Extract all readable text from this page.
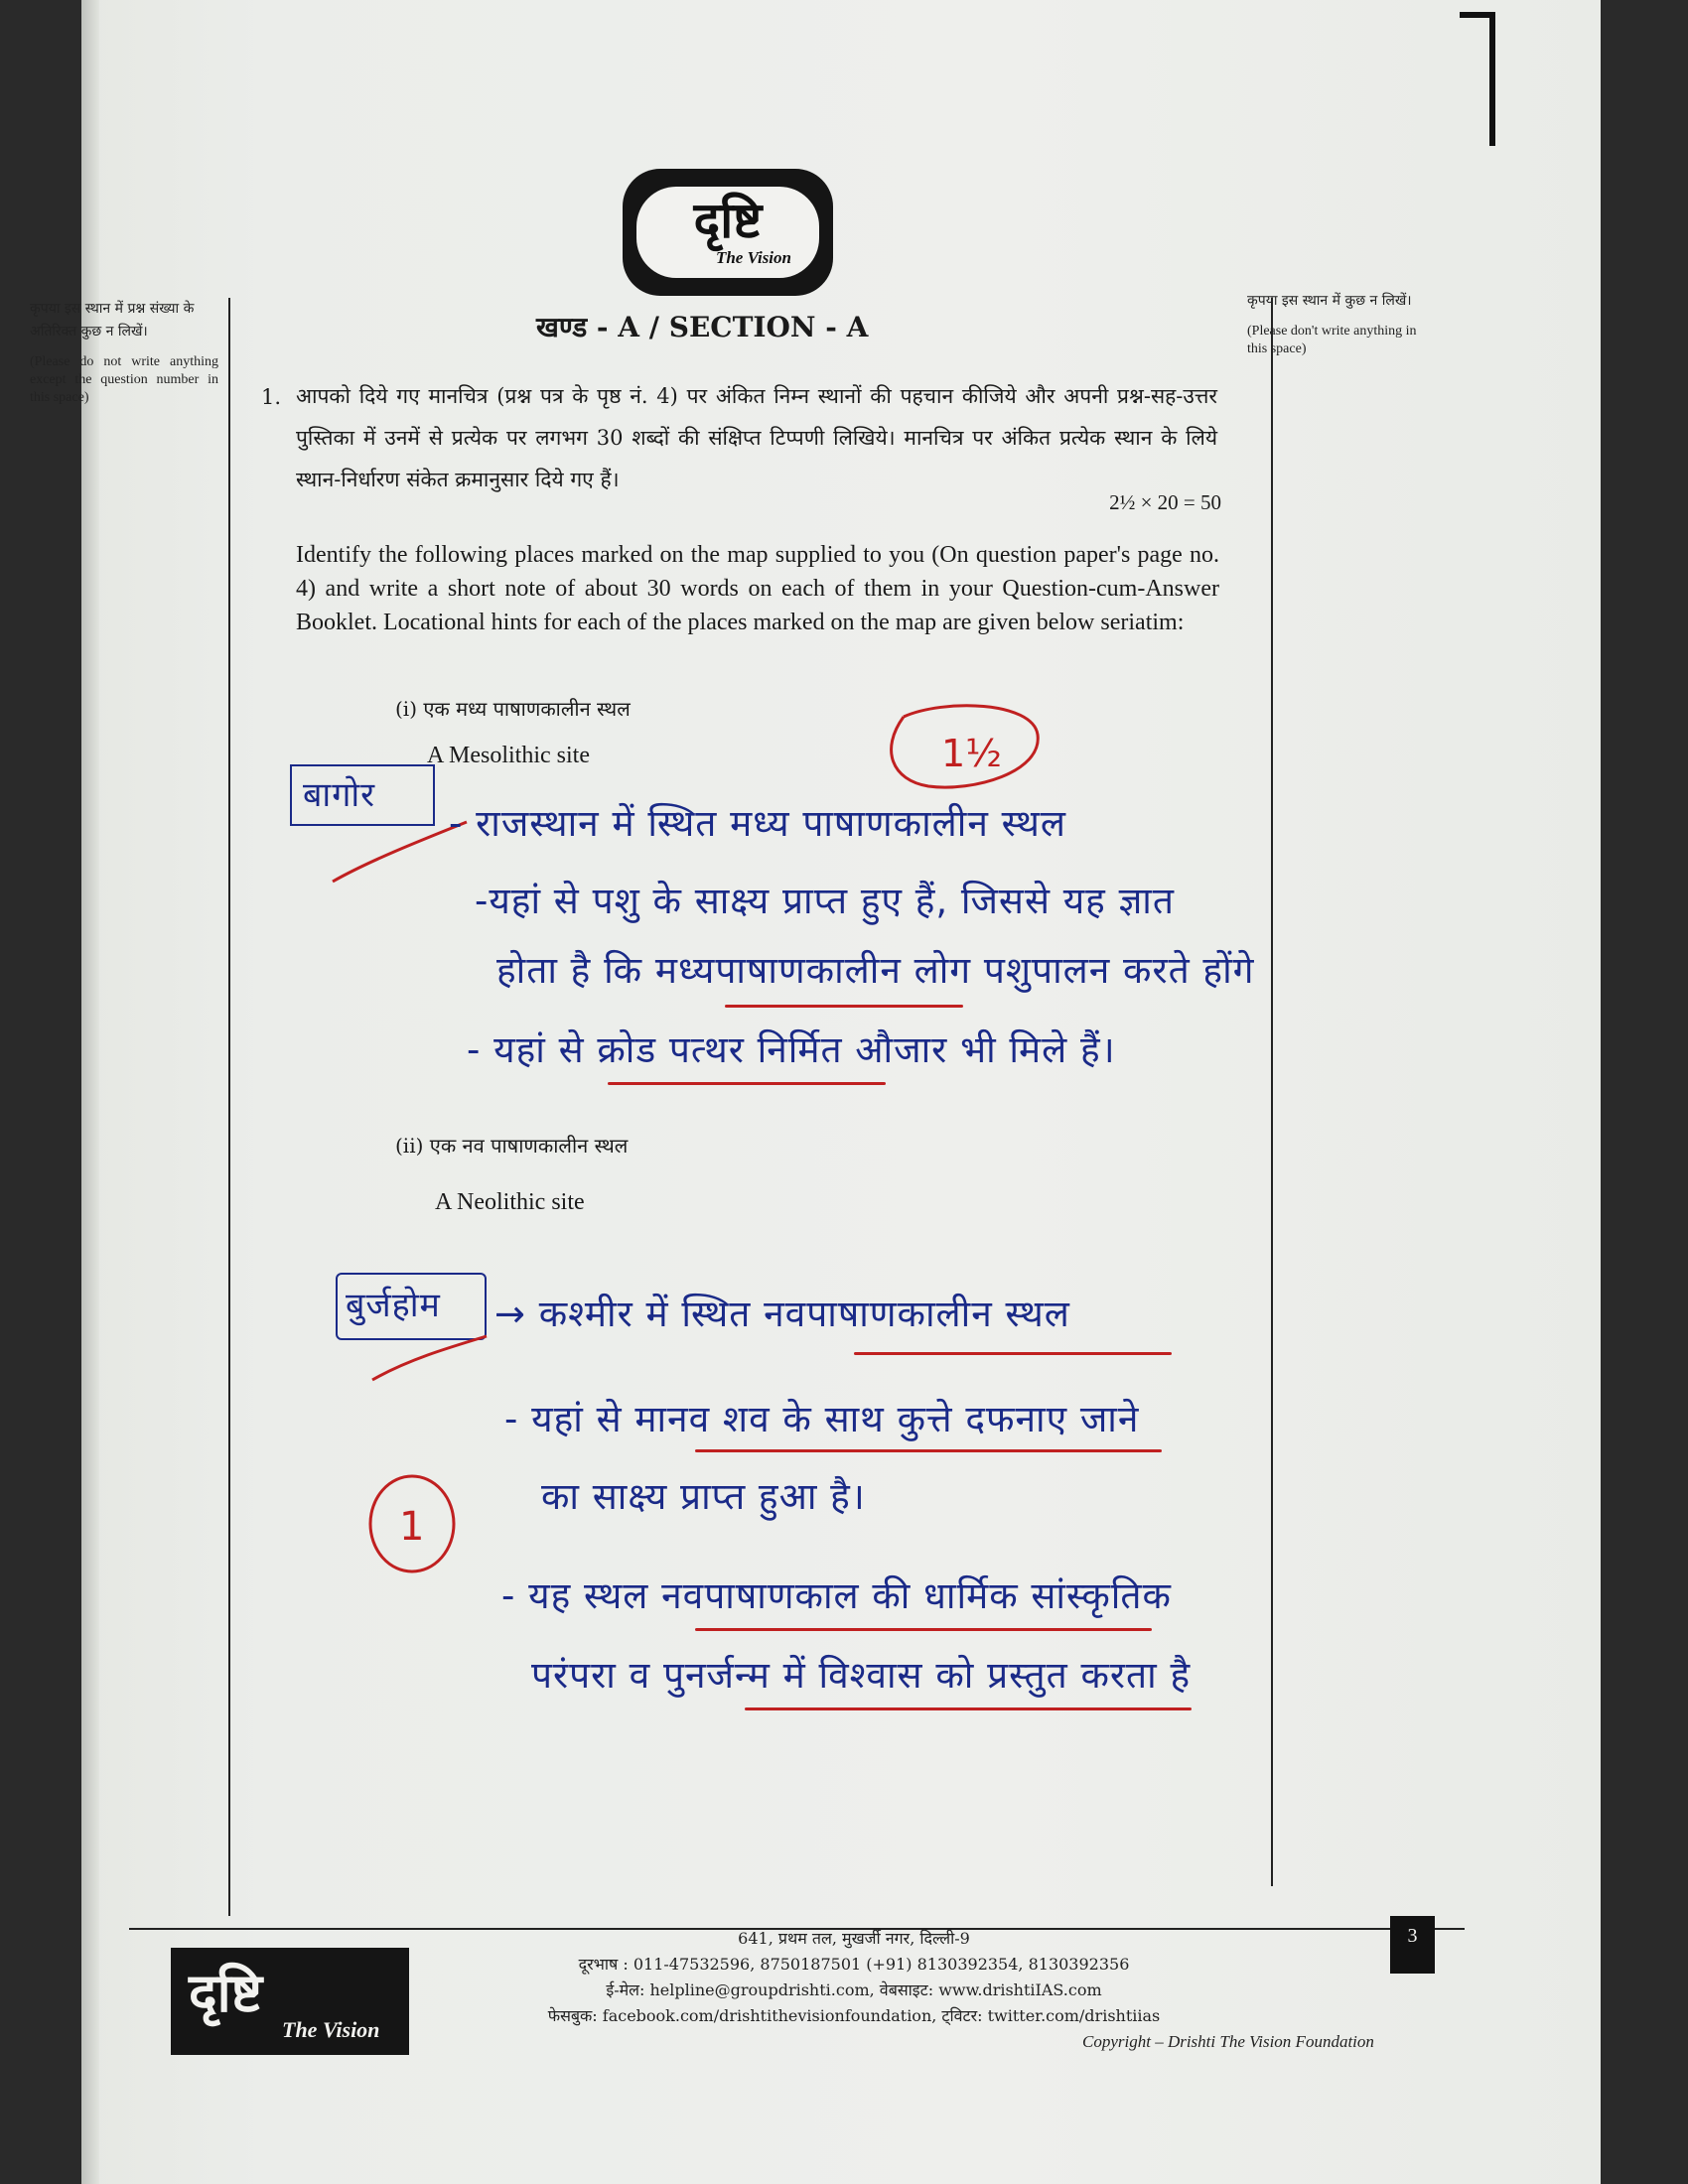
दृष्टि
The Vision
कृपया इस स्थान में प्रश्न संख्या के अतिरिक्त कुछ न लिखें।
(Please do not write anything except the question number in this space)
कृपया इस स्थान में कुछ न लिखें।
(Please don't write anything in this space)
खण्ड - A / SECTION - A
1. आपको दिये गए मानचित्र (प्रश्न पत्र के पृष्ठ नं. 4) पर अंकित निम्न स्थानों की पहचान कीजिये और अपनी प्रश्न-सह-उत्तर पुस्तिका में उनमें से प्रत्येक पर लगभग 30 शब्दों की संक्षिप्त टिप्पणी लिखिये। मानचित्र पर अंकित प्रत्येक स्थान के लिये स्थान-निर्धारण संकेत क्रमानुसार दिये गए हैं।
2½ × 20 = 50
Identify the following places marked on the map supplied to you (On question paper's page no. 4) and write a short note of about 30 words on each of them in your Question-cum-Answer Booklet. Locational hints for each of the places marked on the map are given below seriatim:
(i) एक मध्य पाषाणकालीन स्थल
A Mesolithic site	1½
बागोर
- राजस्थान में स्थित मध्य पाषाणकालीन स्थल
-यहां से पशु के साक्ष्य प्राप्त हुए हैं, जिससे यह ज्ञात
होता है कि मध्यपाषाणकालीन लोग पशुपालन करते होंगे
- यहां से क्रोड पत्थर निर्मित औजार भी मिले हैं।
(ii) एक नव पाषाणकालीन स्थल
A Neolithic site
बुर्जहोम → कश्मीर में स्थित नवपाषाणकालीन स्थल
- यहां से मानव शव के साथ कुत्ते दफनाए जाने
का साक्ष्य प्राप्त हुआ है।
- यह स्थल नवपाषाणकाल की धार्मिक सांस्कृतिक
परंपरा व पुनर्जन्म में विश्वास को प्रस्तुत करता है
1
दृष्टि
The Vision
641, प्रथम तल, मुखर्जी नगर, दिल्ली-9
दूरभाष : 011-47532596, 8750187501 (+91) 8130392354, 8130392356
ई-मेल: helpline@groupdrishti.com, वेबसाइट: www.drishtiIAS.com
फेसबुक: facebook.com/drishtithevisionfoundation, ट्विटर: twitter.com/drishtiias
3
Copyright – Drishti The Vision Foundation
